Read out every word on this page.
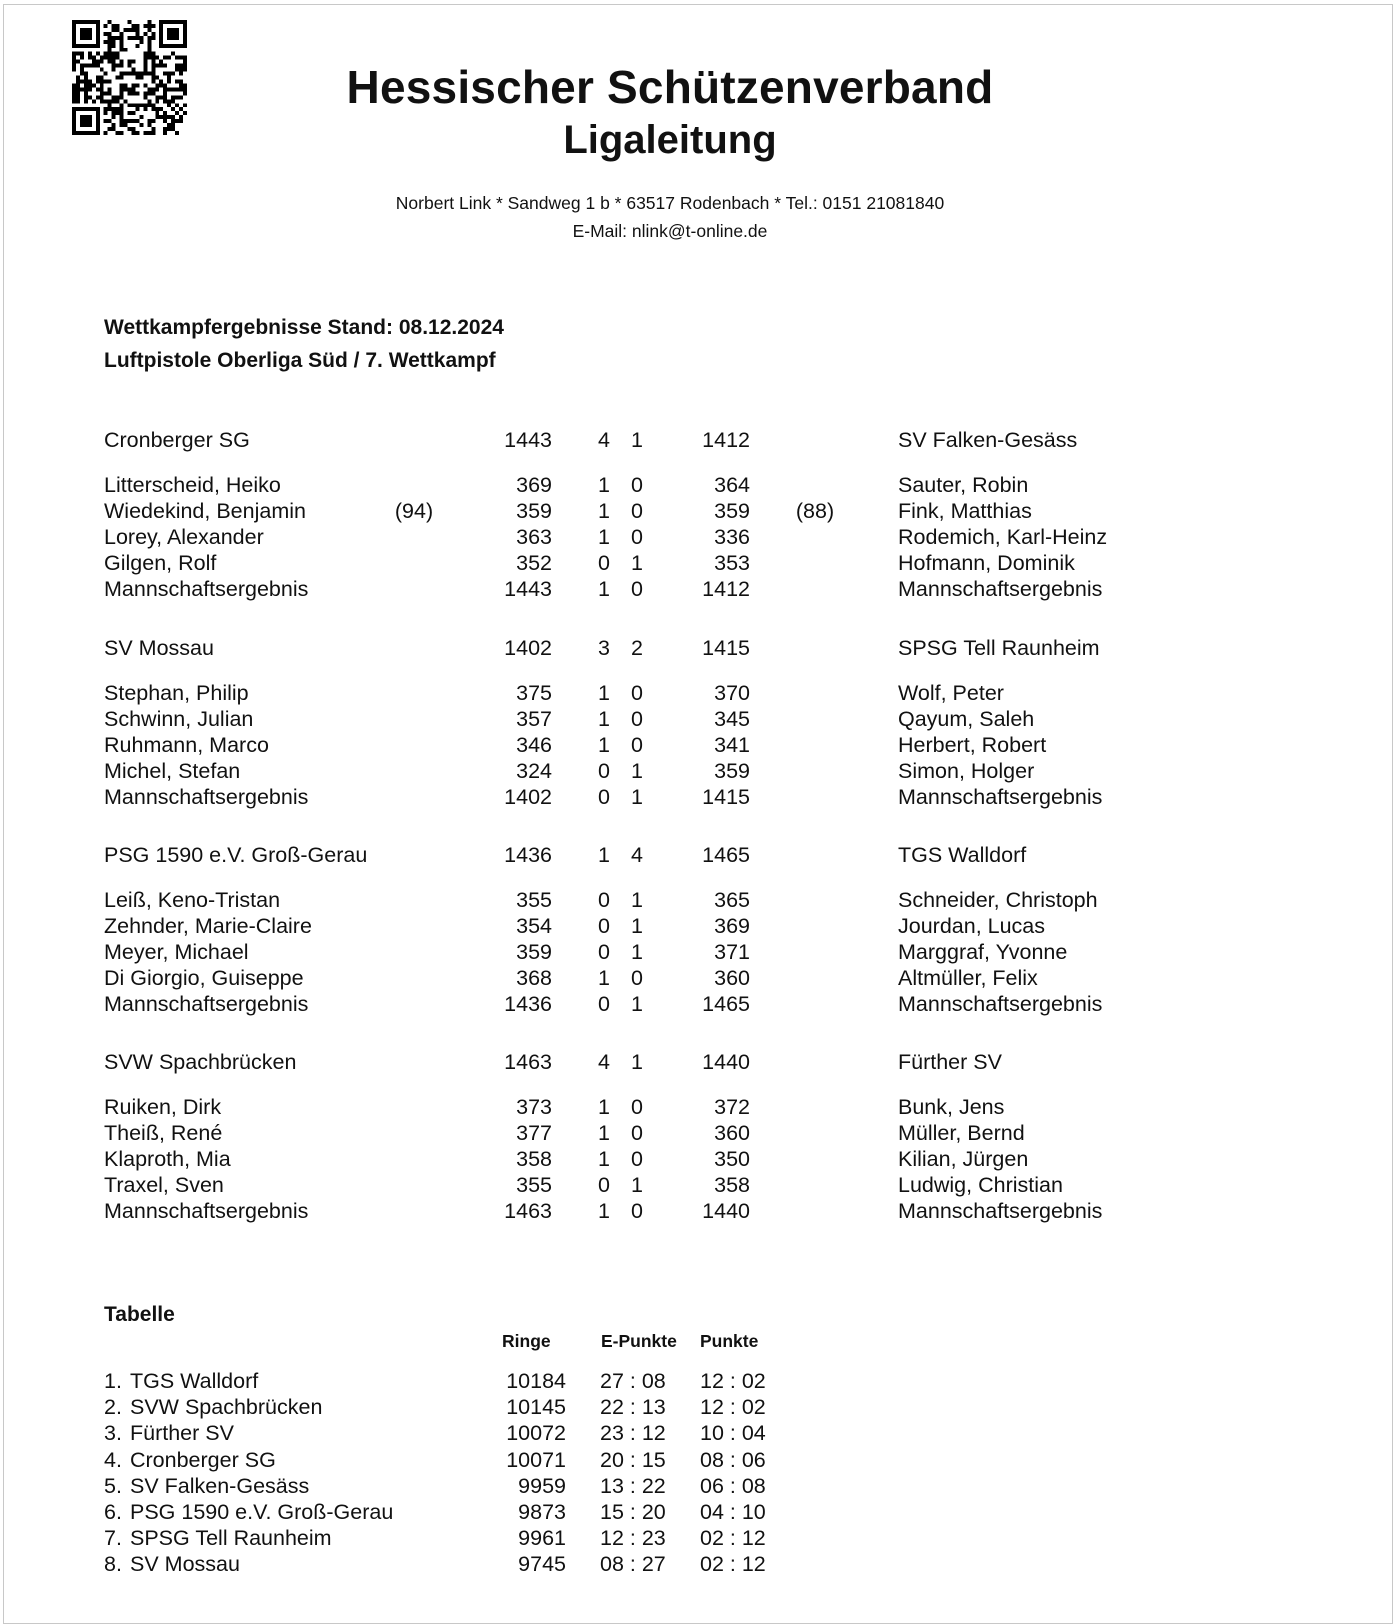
Hessischer Schützenverband
Ligaleitung
Norbert Link * Sandweg 1 b * 63517 Rodenbach * Tel.: 0151 21081840
E-Mail: nlink@t-online.de
Wettkampfergebnisse Stand: 08.12.2024
Luftpistole Oberliga Süd / 7. Wettkampf
Cronberger SG	1443 4 1	1412	SV Falken-Gesäss
Litterscheid, Heiko	369 1 0	364	Sauter, Robin
Wiedekind, Benjamin	(94)	359 1 0	359	(88)	Fink, Matthias
Lorey, Alexander	363 1 0	336	Rodemich, Karl-Heinz
Gilgen, Rolf	352 0 1	353	Hofmann, Dominik
Mannschaftsergebnis	1443 1 0	1412	Mannschaftsergebnis
SV Mossau	1402 3 2	1415	SPSG Tell Raunheim
Stephan, Philip	375 1 0	370	Wolf, Peter
Schwinn, Julian	357 1 0	345	Qayum, Saleh
Ruhmann, Marco	346 1 0	341	Herbert, Robert
Michel, Stefan	324 0 1	359	Simon, Holger
Mannschaftsergebnis	1402 0 1	1415	Mannschaftsergebnis
PSG 1590 e.V. Groß-Gerau	1436 1 4	1465	TGS Walldorf
Leiß, Keno-Tristan	355 0 1	365	Schneider, Christoph
Zehnder, Marie-Claire	354 0 1	369	Jourdan, Lucas
Meyer, Michael	359 0 1	371	Marggraf, Yvonne
Di Giorgio, Guiseppe	368 1 0	360	Altmüller, Felix
Mannschaftsergebnis	1436 0 1	1465	Mannschaftsergebnis
SVW Spachbrücken	1463 4 1	1440	Fürther SV
Ruiken, Dirk	373 1 0	372	Bunk, Jens
Theiß, René	377 1 0	360	Müller, Bernd
Klaproth, Mia	358 1 0	350	Kilian, Jürgen
Traxel, Sven	355 0 1	358	Ludwig, Christian
Mannschaftsergebnis	1463 1 0	1440	Mannschaftsergebnis
Tabelle
Ringe	E-Punkte Punkte
1. TGS Walldorf	10184 27 : 08 12 : 02
2. SVW Spachbrücken	10145 22 : 13 12 : 02
3. Fürther SV	10072 23 : 12 10 : 04
4. Cronberger SG	10071 20 : 15 08 : 06
5. SV Falken-Gesäss	9959 13 : 22 06 : 08
6. PSG 1590 e.V. Groß-Gerau	9873 15 : 20 04 : 10
7. SPSG Tell Raunheim	9961 12 : 23 02 : 12
8. SV Mossau	9745 08 : 27 02 : 12
